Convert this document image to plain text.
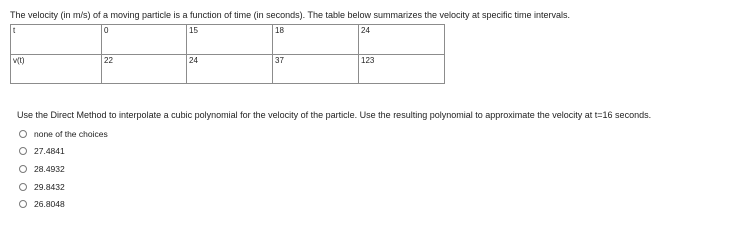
The velocity (in m/s) of a moving particle is a function of time (in seconds). The table below summarizes the velocity at specific time intervals.
t	0	15	18	24
v(t)	22	24	37	123
Use the Direct Method to interpolate a cubic polynomial for the velocity of the particle. Use the resulting polynomial to approximate the velocity at t=16 seconds.
none of the choices
27.4841
28.4932
29.8432
26.8048
